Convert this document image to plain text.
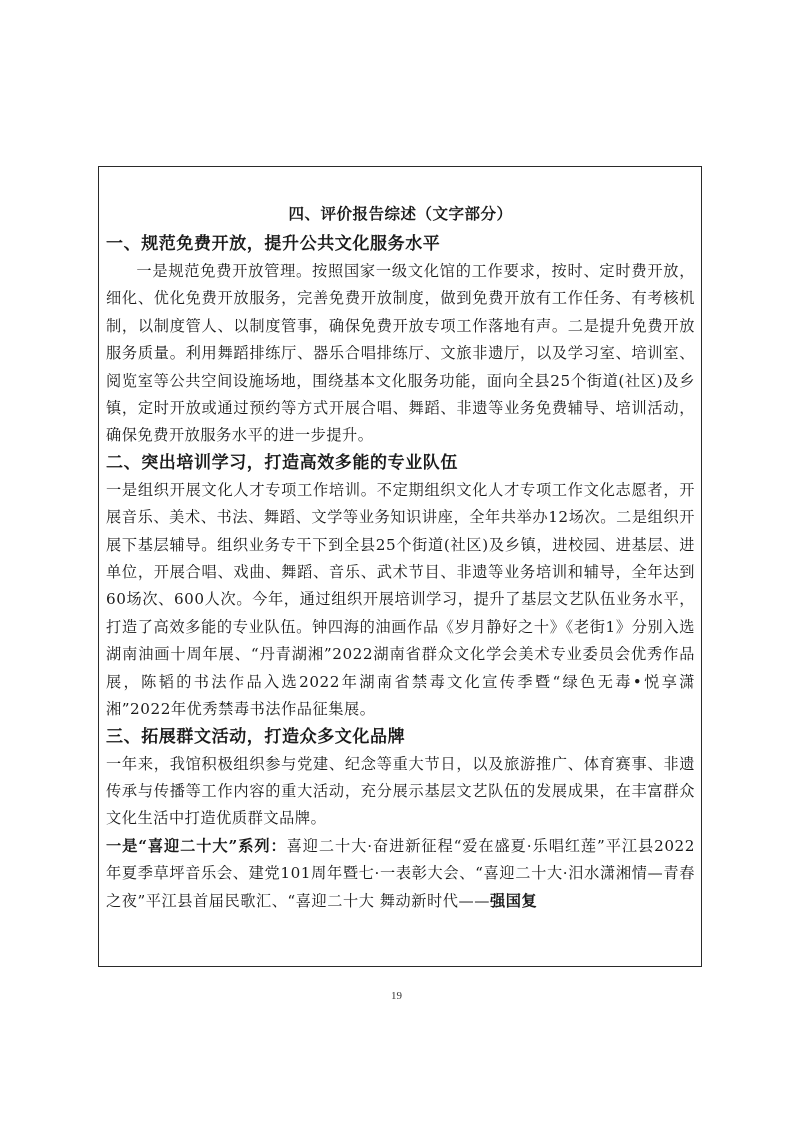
四、评价报告综述（文字部分）
一、规范免费开放，提升公共文化服务水平

一是规范免费开放管理。按照国家一级文化馆的工作要求，按时、定时费开放，细化、优化免费开放服务，完善免费开放制度，做到免费开放有工作任务、有考核机制，以制度管人、以制度管事，确保免费开放专项工作落地有声。二是提升免费开放服务质量。利用舞蹈排练厅、器乐合唱排练厅、文旅非遗厅，以及学习室、培训室、阅览室等公共空间设施场地，围绕基本文化服务功能，面向全县25个街道(社区)及乡镇，定时开放或通过预约等方式开展合唱、舞蹈、非遗等业务免费辅导、培训活动，确保免费开放服务水平的进一步提升。

二、突出培训学习，打造高效多能的专业队伍

一是组织开展文化人才专项工作培训。不定期组织文化人才专项工作文化志愿者，开展音乐、美术、书法、舞蹈、文学等业务知识讲座，全年共举办12场次。二是组织开展下基层辅导。组织业务专干下到全县25个街道(社区)及乡镇，进校园、进基层、进单位，开展合唱、戏曲、舞蹈、音乐、武术节目、非遗等业务培训和辅导，全年达到60场次、600人次。今年，通过组织开展培训学习，提升了基层文艺队伍业务水平，打造了高效多能的专业队伍。钟四海的油画作品《岁月静好之十》《老街1》分别入选湖南油画十周年展、“丹青湖湘”2022湖南省群众文化学会美术专业委员会优秀作品展，陈韬的书法作品入选2022年湖南省禁毒文化宣传季暨“绿色无毒•悦享潇湘”2022年优秀禁毒书法作品征集展。

三、拓展群文活动，打造众多文化品牌

一年来，我馆积极组织参与党建、纪念等重大节日，以及旅游推广、体育赛事、非遗传承与传播等工作内容的重大活动，充分展示基层文艺队伍的发展成果，在丰富群众文化生活中打造优质群文品牌。

一是“喜迎二十大”系列：喜迎二十大·奋进新征程“爱在盛夏·乐唱红莲”平江县2022年夏季草坪音乐会、建党101周年暨七·一表彰大会、“喜迎二十大·汨水潇湘情—青春之夜”平江县首届民歌汇、“喜迎二十大 舞动新时代——强国复

19
